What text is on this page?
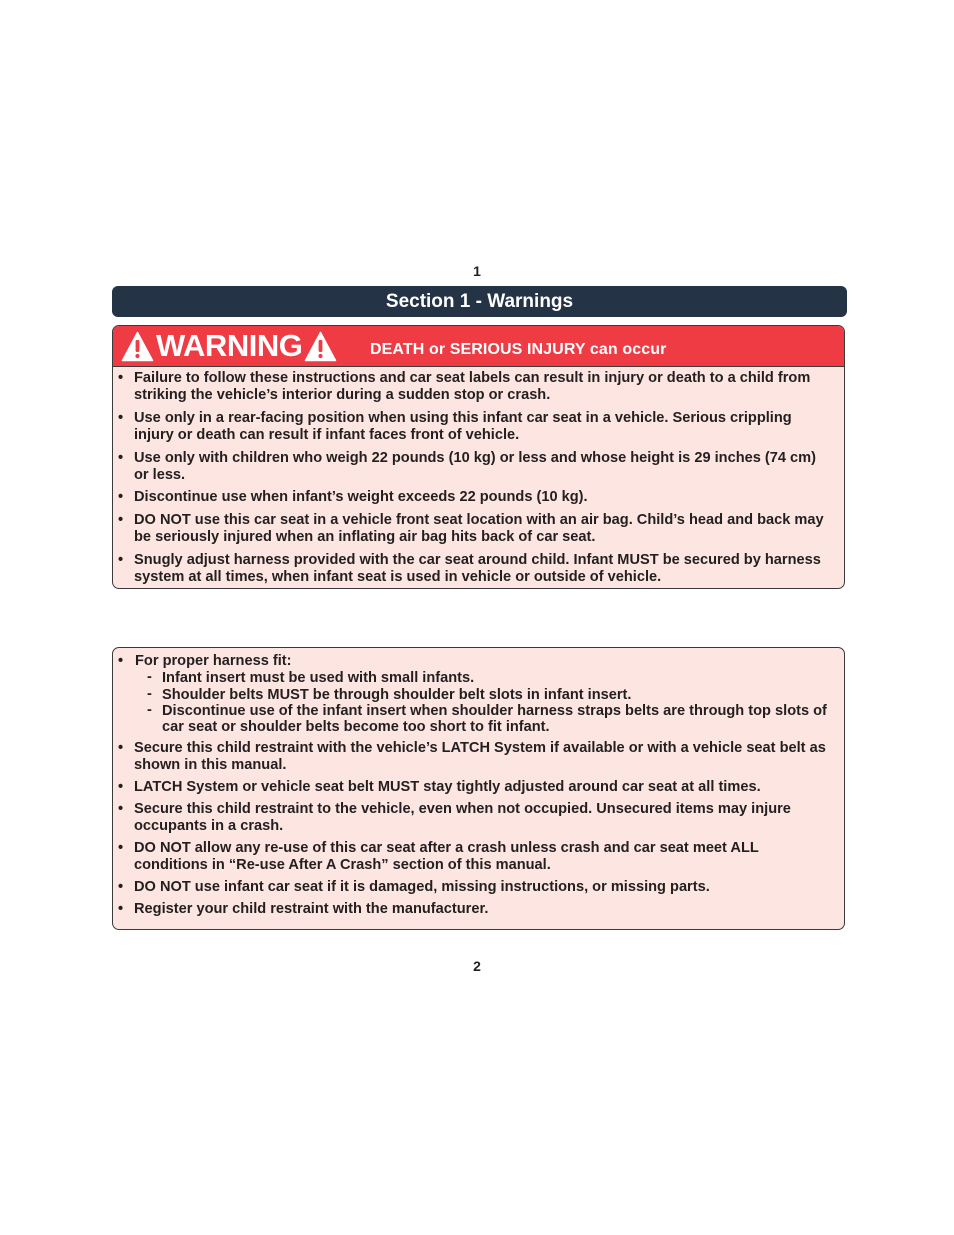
1
Section 1 - Warnings
WARNING	DEATH or SERIOUS INJURY can occur
• Failure to follow these instructions and car seat labels can result in injury or death to a child from striking the vehicle’s interior during a sudden stop or crash.
• Use only in a rear-facing position when using this infant car seat in a vehicle. Serious crippling injury or death can result if infant faces front of vehicle.
• Use only with children who weigh 22 pounds (10 kg) or less and whose height is 29 inches (74 cm) or less.
• Discontinue use when infant’s weight exceeds 22 pounds (10 kg).
• DO NOT use this car seat in a vehicle front seat location with an air bag. Child’s head and back may be seriously injured when an inflating air bag hits back of car seat.
• Snugly adjust harness provided with the car seat around child. Infant MUST be secured by harness system at all times, when infant seat is used in vehicle or outside of vehicle.
• For proper harness fit:
- Infant insert must be used with small infants.
- Shoulder belts MUST be through shoulder belt slots in infant insert.
- Discontinue use of the infant insert when shoulder harness straps belts are through top slots of car seat or shoulder belts become too short to fit infant.
• Secure this child restraint with the vehicle’s LATCH System if available or with a vehicle seat belt as shown in this manual.
• LATCH System or vehicle seat belt MUST stay tightly adjusted around car seat at all times.
• Secure this child restraint to the vehicle, even when not occupied. Unsecured items may injure occupants in a crash.
• DO NOT allow any re-use of this car seat after a crash unless crash and car seat meet ALL conditions in “Re-use After A Crash” section of this manual.
• DO NOT use infant car seat if it is damaged, missing instructions, or missing parts.
• Register your child restraint with the manufacturer.
2
